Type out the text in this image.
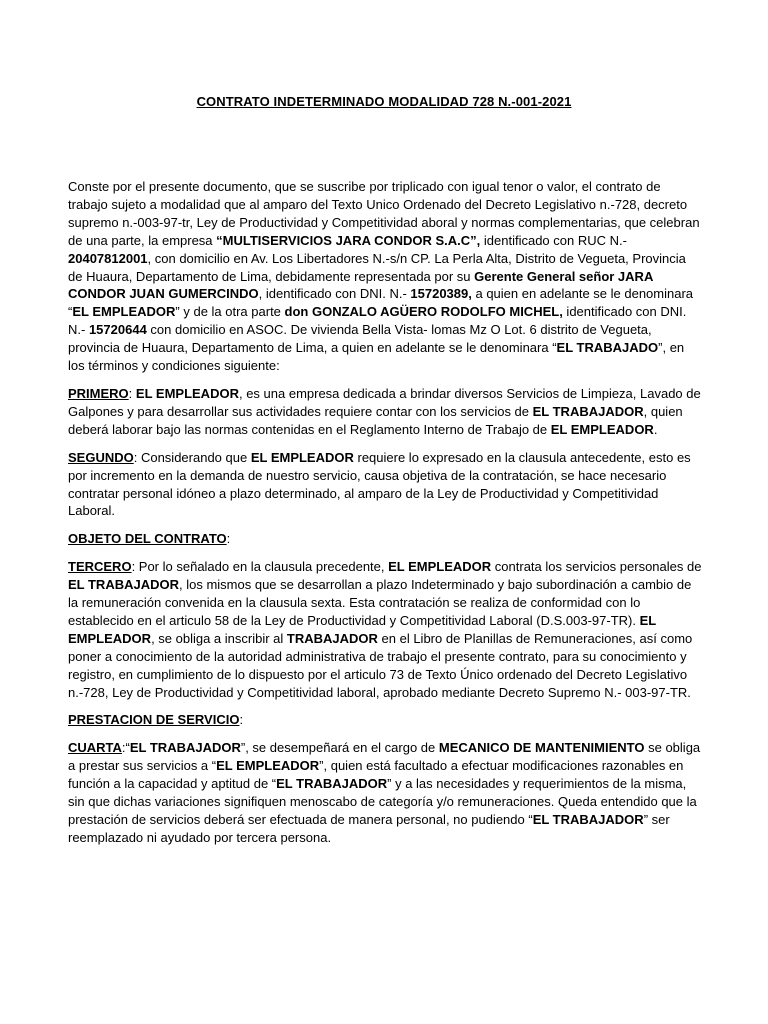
CONTRATO INDETERMINADO MODALIDAD 728 N.-001-2021

Conste por el presente documento, que se suscribe por triplicado con igual tenor o valor, el contrato de trabajo sujeto a modalidad que al amparo del Texto Unico Ordenado del Decreto Legislativo n.-728, decreto supremo n.-003-97-tr, Ley de Productividad y Competitividad aboral y normas complementarias, que celebran de una parte, la empresa “MULTISERVICIOS JARA CONDOR S.A.C”, identificado con RUC N.- 20407812001, con domicilio en Av. Los Libertadores N.-s/n CP. La Perla Alta, Distrito de Vegueta, Provincia de Huaura, Departamento de Lima, debidamente representada por su Gerente General señor JARA CONDOR JUAN GUMERCINDO, identificado con DNI. N.- 15720389, a quien en adelante se le denominara “EL EMPLEADOR” y de la otra parte don GONZALO AGÜERO RODOLFO MICHEL, identificado con DNI. N.- 15720644 con domicilio en ASOC. De vivienda Bella Vista- lomas Mz O Lot. 6 distrito de Vegueta, provincia de Huaura, Departamento de Lima, a quien en adelante se le denominara “EL TRABAJADO”, en los términos y condiciones siguiente:

PRIMERO: EL EMPLEADOR, es una empresa dedicada a brindar diversos Servicios de Limpieza, Lavado de Galpones y para desarrollar sus actividades requiere contar con los servicios de EL TRABAJADOR, quien deberá laborar bajo las normas contenidas en el Reglamento Interno de Trabajo de EL EMPLEADOR.

SEGUNDO: Considerando que EL EMPLEADOR requiere lo expresado en la clausula antecedente, esto es por incremento en la demanda de nuestro servicio, causa objetiva de la contratación, se hace necesario contratar personal idóneo a plazo determinado, al amparo de la Ley de Productividad y Competitividad Laboral.

OBJETO DEL CONTRATO:

TERCERO: Por lo señalado en la clausula precedente, EL EMPLEADOR contrata los servicios personales de EL TRABAJADOR, los mismos que se desarrollan a plazo Indeterminado y bajo subordinación a cambio de la remuneración convenida en la clausula sexta. Esta contratación se realiza de conformidad con lo establecido en el articulo 58 de la Ley de Productividad y Competitividad Laboral (D.S.003-97-TR). EL EMPLEADOR, se obliga a inscribir al TRABAJADOR en el Libro de Planillas de Remuneraciones, así como poner a conocimiento de la autoridad administrativa de trabajo el presente contrato, para su conocimiento y registro, en cumplimiento de lo dispuesto por el articulo 73 de Texto Único ordenado del Decreto Legislativo n.-728, Ley de Productividad y Competitividad laboral, aprobado mediante Decreto Supremo N.- 003-97-TR.

PRESTACION DE SERVICIO:

CUARTA:“EL TRABAJADOR”, se desempeñará en el cargo de MECANICO DE MANTENIMIENTO se obliga a prestar sus servicios a “EL EMPLEADOR”, quien está facultado a efectuar modificaciones razonables en función a la capacidad y aptitud de “EL TRABAJADOR” y a las necesidades y requerimientos de la misma, sin que dichas variaciones signifiquen menoscabo de categoría y/o remuneraciones. Queda entendido que la prestación de servicios deberá ser efectuada de manera personal, no pudiendo “EL TRABAJADOR” ser reemplazado ni ayudado por tercera persona.
